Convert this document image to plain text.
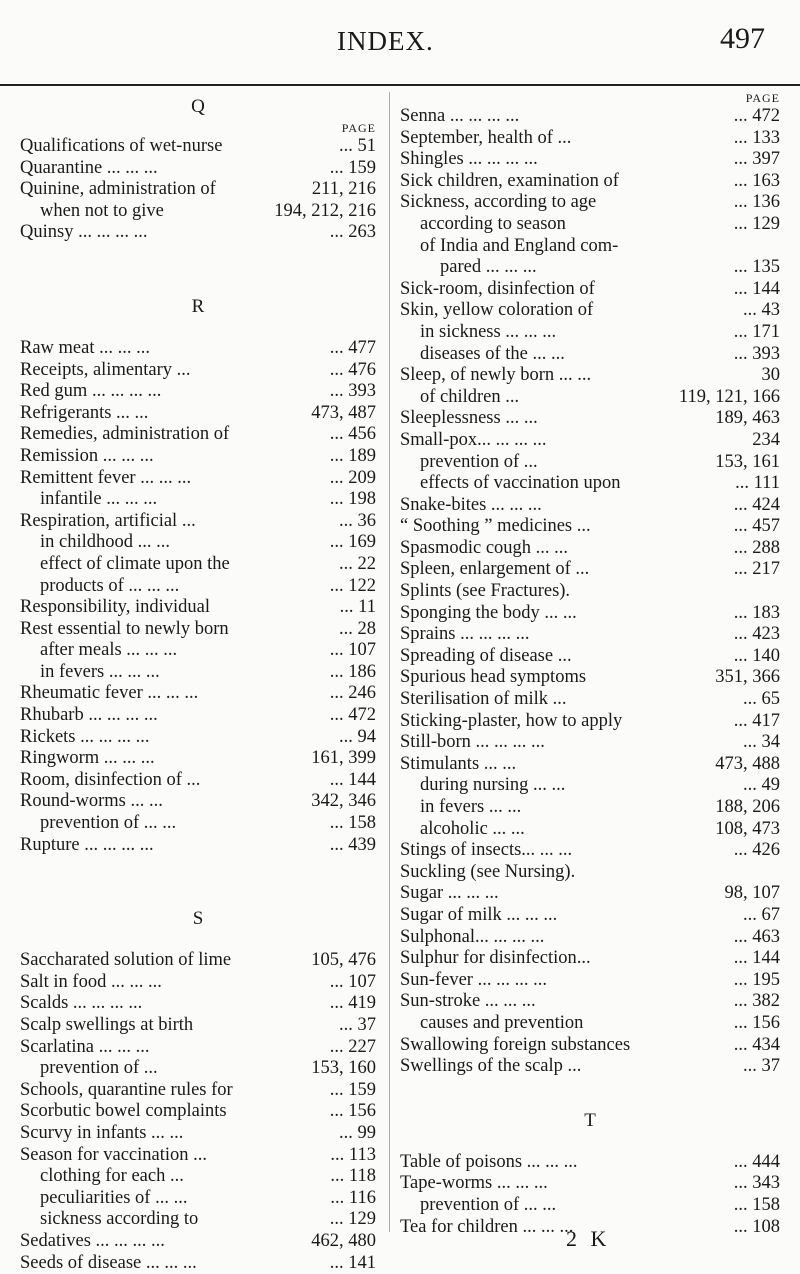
INDEX.	497
Q
PAGE
Qualifications of wet-nurse	... 51
Quarantine ... ... ...	... 159
Quinine, administration of	211, 216
when not to give	194, 212, 216
Quinsy ... ... ... ...	... 263
R
Raw meat ... ... ...	... 477
Receipts, alimentary ...	... 476
Red gum ... ... ... ...	... 393
Refrigerants ... ...	473, 487
Remedies, administration of	... 456
Remission ... ... ...	... 189
Remittent fever ... ... ...	... 209
infantile ... ... ...	... 198
Respiration, artificial ...	... 36
in childhood ... ...	... 169
effect of climate upon the	... 22
products of ... ... ...	... 122
Responsibility, individual	... 11
Rest essential to newly born	... 28
after meals ... ... ...	... 107
in fevers ... ... ...	... 186
Rheumatic fever ... ... ...	... 246
Rhubarb ... ... ... ...	... 472
Rickets ... ... ... ...	... 94
Ringworm ... ... ...	161, 399
Room, disinfection of ...	... 144
Round-worms ... ...	342, 346
prevention of ... ...	... 158
Rupture ... ... ... ...	... 439
S
Saccharated solution of lime	105, 476
Salt in food ... ... ...	... 107
Scalds ... ... ... ...	... 419
Scalp swellings at birth	... 37
Scarlatina ... ... ...	... 227
prevention of ...	153, 160
Schools, quarantine rules for	... 159
Scorbutic bowel complaints	... 156
Scurvy in infants ... ...	... 99
Season for vaccination ...	... 113
clothing for each ...	... 118
peculiarities of ... ...	... 116
sickness according to	... 129
Sedatives ... ... ... ...	462, 480
Seeds of disease ... ... ...	... 141
PAGE
Senna ... ... ... ...	... 472
September, health of ...	... 133
Shingles ... ... ... ...	... 397
Sick children, examination of	... 163
Sickness, according to age	... 136
according to season	... 129
of India and England com-
pared ... ... ...	... 135
Sick-room, disinfection of	... 144
Skin, yellow coloration of	... 43
in sickness ... ... ...	... 171
diseases of the ... ...	... 393
Sleep, of newly born ... ...	30
of children ...	119, 121, 166
Sleeplessness ... ...	189, 463
Small-pox... ... ... ...	234
prevention of ...	153, 161
effects of vaccination upon	... 111
Snake-bites ... ... ...	... 424
“ Soothing ” medicines ...	... 457
Spasmodic cough ... ...	... 288
Spleen, enlargement of ...	... 217
Splints (see Fractures).
Sponging the body ... ...	... 183
Sprains ... ... ... ...	... 423
Spreading of disease ...	... 140
Spurious head symptoms	351, 366
Sterilisation of milk ...	... 65
Sticking-plaster, how to apply	... 417
Still-born ... ... ... ...	... 34
Stimulants ... ...	473, 488
during nursing ... ...	... 49
in fevers ... ...	188, 206
alcoholic ... ...	108, 473
Stings of insects... ... ...	... 426
Suckling (see Nursing).
Sugar ... ... ...	98, 107
Sugar of milk ... ... ...	... 67
Sulphonal... ... ... ...	... 463
Sulphur for disinfection...	... 144
Sun-fever ... ... ... ...	... 195
Sun-stroke ... ... ...	... 382
causes and prevention	... 156
Swallowing foreign substances	... 434
Swellings of the scalp ...	... 37
T
Table of poisons ... ... ...	... 444
Tape-worms ... ... ...	... 343
prevention of ... ...	... 158
Tea for children ... ... ...	... 108
2 K
